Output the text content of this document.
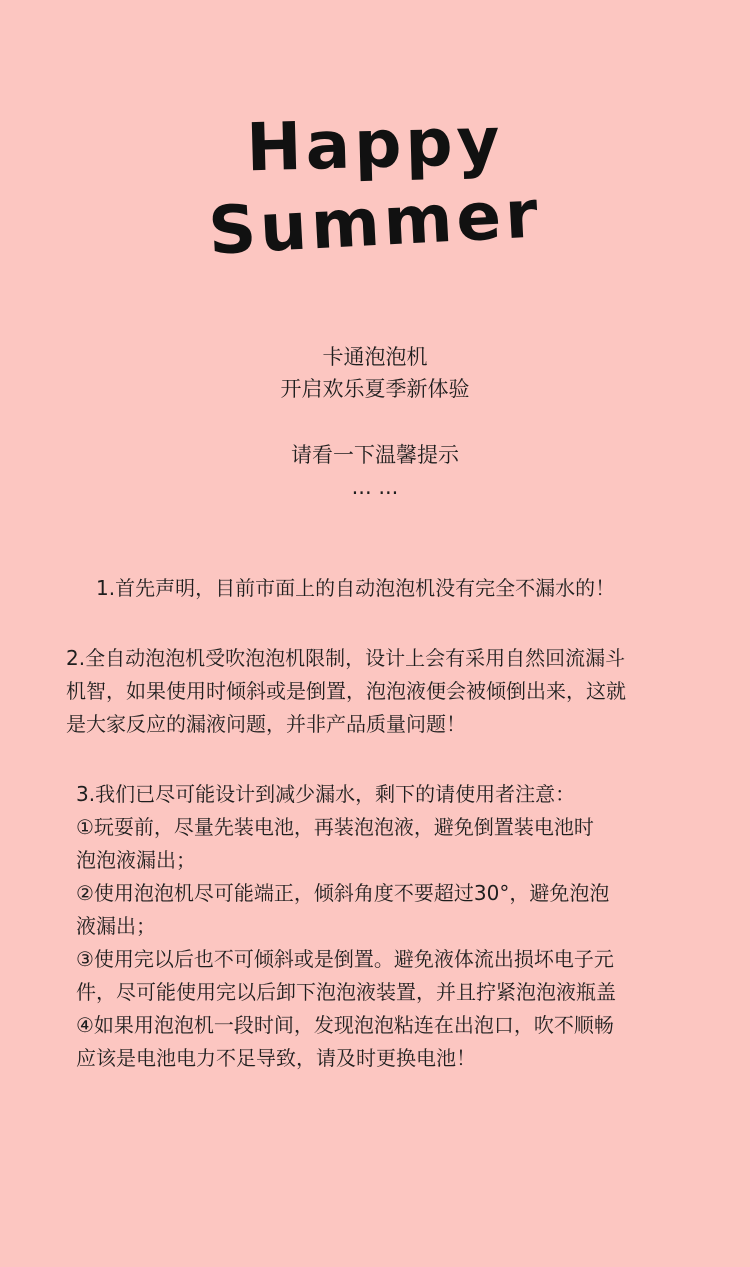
Happy
Summer
卡通泡泡机
开启欢乐夏季新体验
请看一下温馨提示
... ...

1.首先声明，目前市面上的自动泡泡机没有完全不漏水的！

2.全自动泡泡机受吹泡泡机限制，设计上会有采用自然回流漏斗

机智，如果使用时倾斜或是倒置，泡泡液便会被倾倒出来，这就

是大家反应的漏液问题，并非产品质量问题！

3.我们已尽可能设计到减少漏水，剩下的请使用者注意：

①玩耍前，尽量先装电池，再装泡泡液，避免倒置装电池时

泡泡液漏出；

②使用泡泡机尽可能端正，倾斜角度不要超过30°，避免泡泡

液漏出；

③使用完以后也不可倾斜或是倒置。避免液体流出损坏电子元

件，尽可能使用完以后卸下泡泡液装置，并且拧紧泡泡液瓶盖

④如果用泡泡机一段时间，发现泡泡粘连在出泡口，吹不顺畅

应该是电池电力不足导致，请及时更换电池！
